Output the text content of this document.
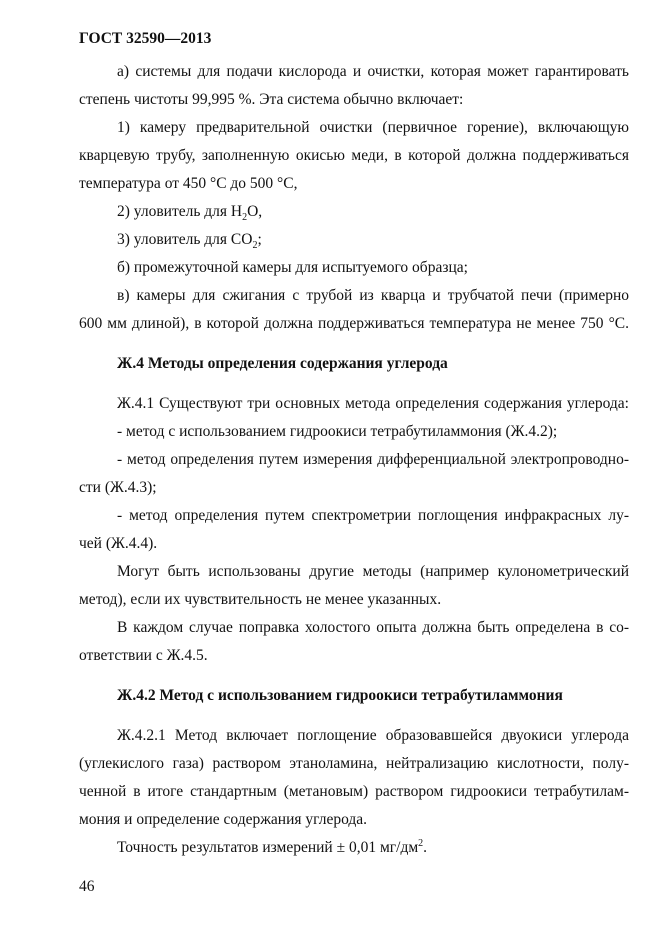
ГОСТ 32590—2013
а) системы для подачи кислорода и очистки, которая может гарантировать
степень чистоты 99,995 %. Эта система обычно включает:
1) камеру предварительной очистки (первичное горение), включающую
кварцевую трубу, заполненную окисью меди, в которой должна поддерживаться
температура от 450 °С до 500 °С,
2) уловитель для $H_2O$,
3) уловитель для $СО_2$;
б) промежуточной камеры для испытуемого образца;
в) камеры для сжигания с трубой из кварца и трубчатой печи (примерно
600 мм длиной), в которой должна поддерживаться температура не менее 750 °С.
Ж.4 Методы определения содержания углерода
Ж.4.1 Существуют три основных метода определения содержания углерода:
- метод с использованием гидроокиси тетрабутиламмония (Ж.4.2);
- метод определения путем измерения дифференциальной электропроводно-
сти (Ж.4.3);
- метод определения путем спектрометрии поглощения инфракрасных лу-
чей (Ж.4.4).
Могут быть использованы другие методы (например кулонометрический
метод), если их чувствительность не менее указанных.
В каждом случае поправка холостого опыта должна быть определена в со-
ответствии с Ж.4.5.
Ж.4.2 Метод с использованием гидроокиси тетрабутиламмония
Ж.4.2.1 Метод включает поглощение образовавшейся двуокиси углерода
(углекислого газа) раствором этаноламина, нейтрализацию кислотности, полу-
ченной в итоге стандартным (метановым) раствором гидроокиси тетрабутилам-
мония и определение содержания углерода.
Точность результатов измерений ± 0,01 $мг/дм^2$.
46
